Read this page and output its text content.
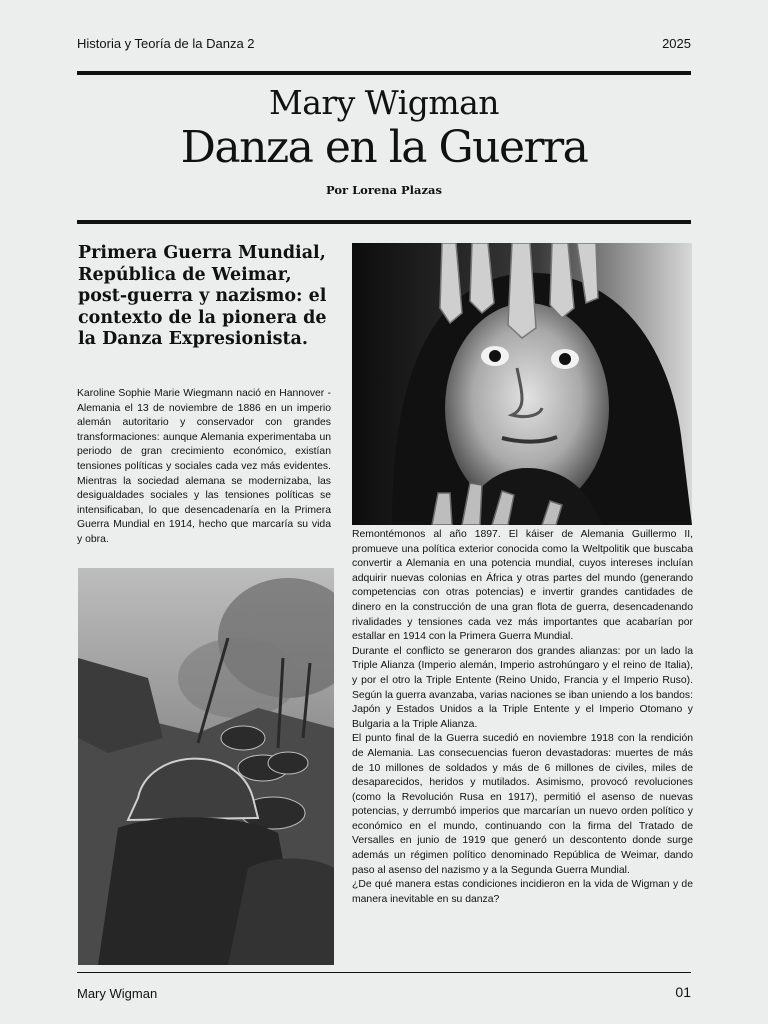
Historia y Teoría de la Danza 2	2025
Mary Wigman
Danza en la Guerra
Por Lorena Plazas
Primera Guerra Mundial, República de Weimar, post-guerra y nazismo: el contexto de la pionera de la Danza Expresionista.

Karoline Sophie Marie Wiegmann nació en Hannover - Alemania el 13 de noviembre de 1886 en un imperio alemán autoritario y conservador con grandes transformaciones: aunque Alemania experimentaba un periodo de gran crecimiento económico, existían tensiones políticas y sociales cada vez más evidentes. Mientras la sociedad alemana se modernizaba, las desigualdades sociales y las tensiones políticas se intensificaban, lo que desencadenaría en la Primera Guerra Mundial en 1914, hecho que marcaría su vida y obra.	Remontémonos al año 1897. El káiser de Alemania Guillermo II, promueve una política exterior conocida como la Weltpolitik que buscaba convertir a Alemania en una potencia mundial, cuyos intereses incluían adquirir nuevas colonias en África y otras partes del mundo (generando competencias con otras potencias) e invertir grandes cantidades de dinero en la construcción de una gran flota de guerra, desencadenando rivalidades y tensiones cada vez más importantes que acabarían por estallar en 1914 con la Primera Guerra Mundial.

Durante el conflicto se generaron dos grandes alianzas: por un lado la Triple Alianza (Imperio alemán, Imperio astrohúngaro y el reino de Italia), y por el otro la Triple Entente (Reino Unido, Francia y el Imperio Ruso). Según la guerra avanzaba, varias naciones se iban uniendo a los bandos: Japón y Estados Unidos a la Triple Entente y el Imperio Otomano y Bulgaria a la Triple Alianza.

El punto final de la Guerra sucedió en noviembre 1918 con la rendición de Alemania. Las consecuencias fueron devastadoras: muertes de más de 10 millones de soldados y más de 6 millones de civiles, miles de desaparecidos, heridos y mutilados. Asimismo, provocó revoluciones (como la Revolución Rusa en 1917), permitió el asenso de nuevas potencias, y derrumbó imperios que marcarían un nuevo orden político y económico en el mundo, continuando con la firma del Tratado de Versalles en junio de 1919 que generó un descontento donde surge además un régimen político denominado República de Weimar, dando paso al asenso del nazismo y a la Segunda Guerra Mundial.

¿De qué manera estas condiciones incidieron en la vida de Wigman y de manera inevitable en su danza?

Mary Wigman	01
